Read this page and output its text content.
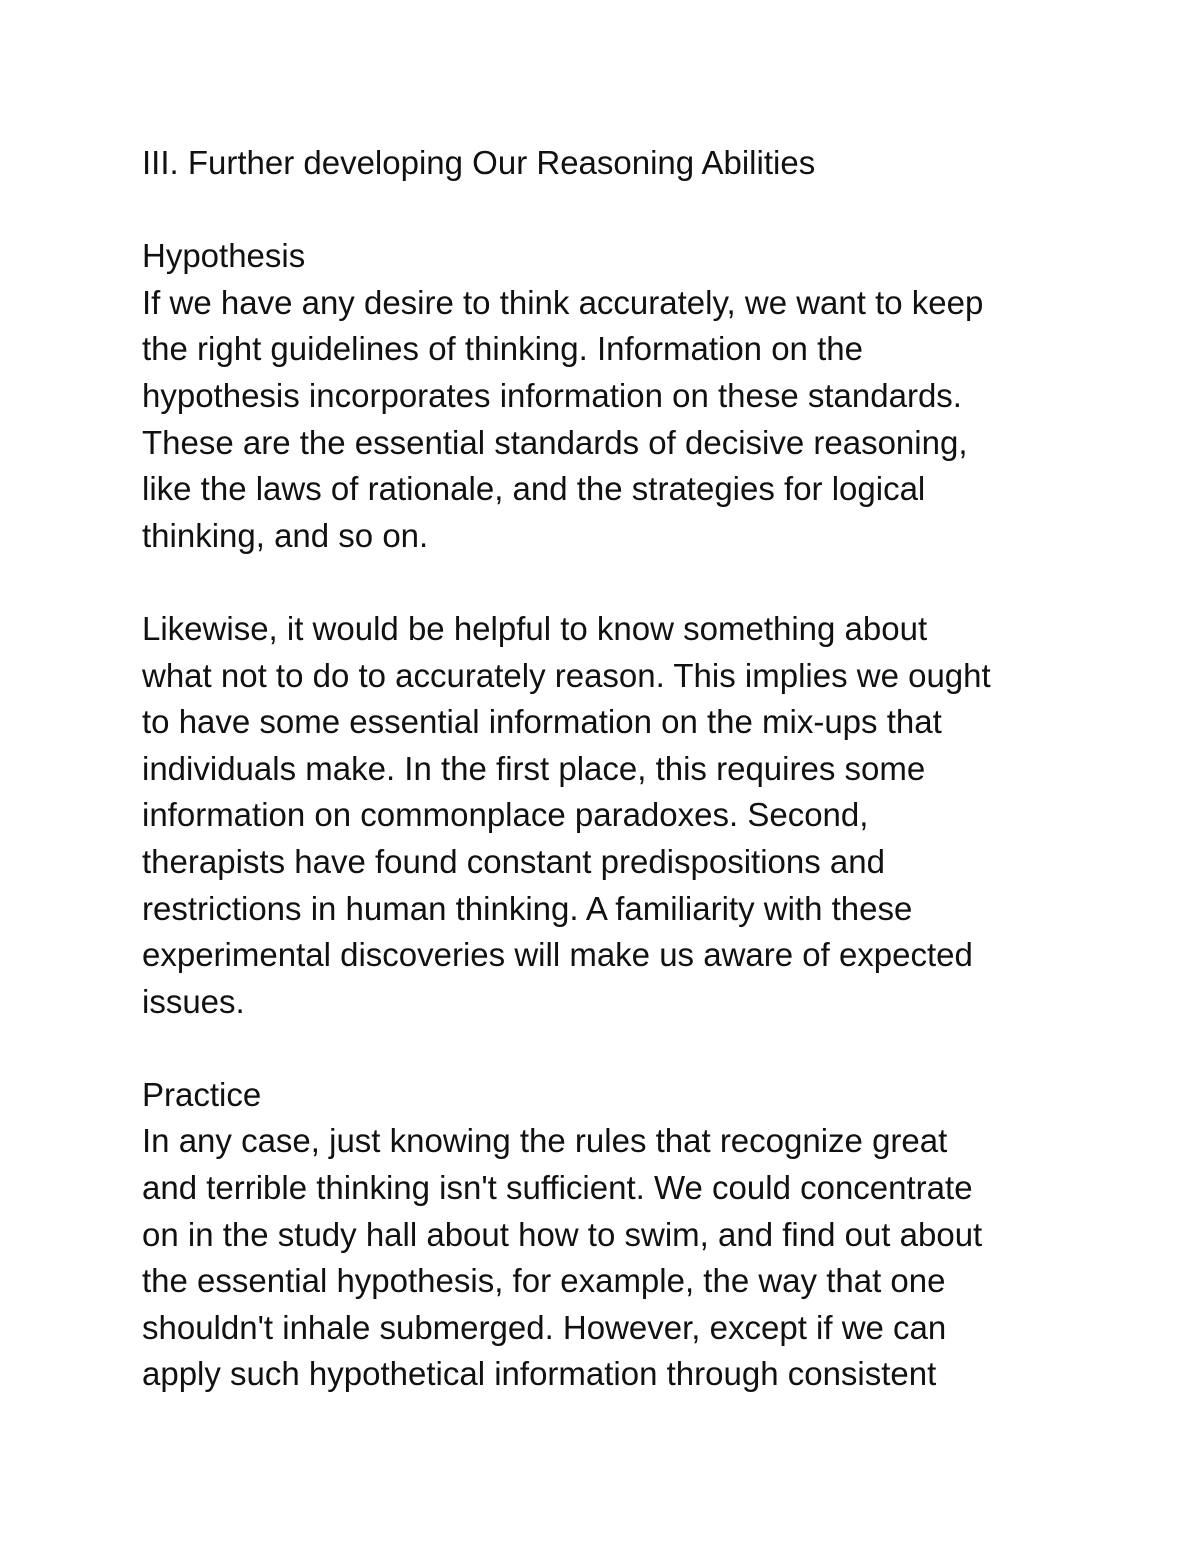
III. Further developing Our Reasoning Abilities
Hypothesis
If we have any desire to think accurately, we want to keep
the right guidelines of thinking. Information on the
hypothesis incorporates information on these standards.
These are the essential standards of decisive reasoning,
like the laws of rationale, and the strategies for logical
thinking, and so on.
Likewise, it would be helpful to know something about
what not to do to accurately reason. This implies we ought
to have some essential information on the mix-ups that
individuals make. In the first place, this requires some
information on commonplace paradoxes. Second,
therapists have found constant predispositions and
restrictions in human thinking. A familiarity with these
experimental discoveries will make us aware of expected
issues.
Practice
In any case, just knowing the rules that recognize great
and terrible thinking isn't sufficient. We could concentrate
on in the study hall about how to swim, and find out about
the essential hypothesis, for example, the way that one
shouldn't inhale submerged. However, except if we can
apply such hypothetical information through consistent
